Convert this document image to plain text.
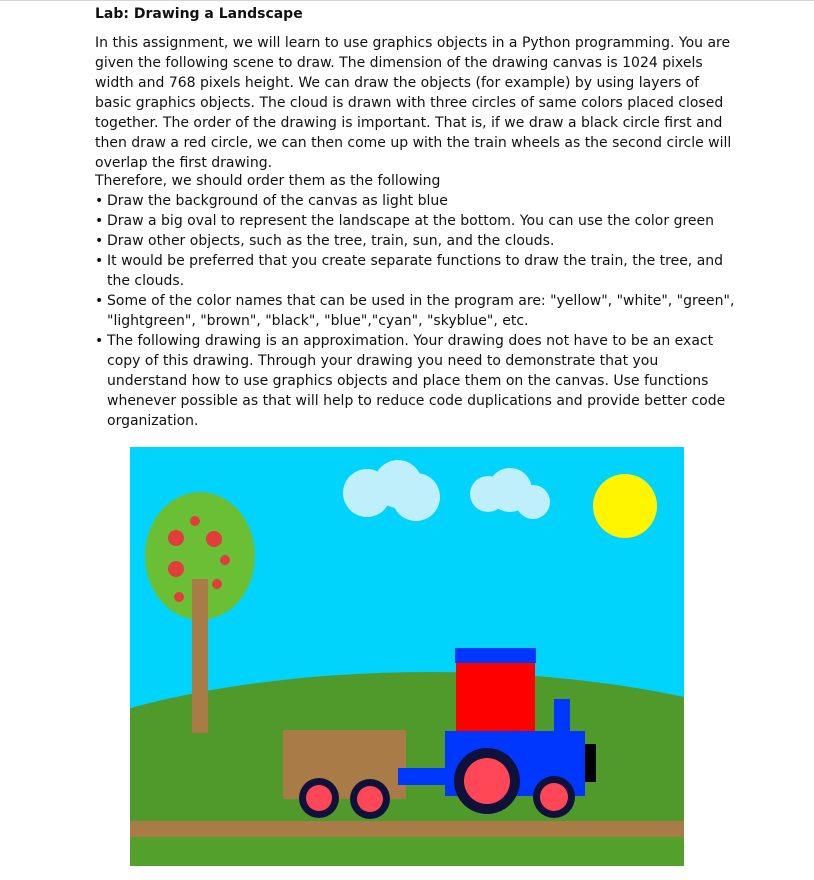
Lab: Drawing a Landscape
In this assignment, we will learn to use graphics objects in a Python programming. You are given the following scene to draw. The dimension of the drawing canvas is 1024 pixels width and 768 pixels height. We can draw the objects (for example) by using layers of basic graphics objects. The cloud is drawn with three circles of same colors placed closed together. The order of the drawing is important. That is, if we draw a black circle first and then draw a red circle, we can then come up with the train wheels as the second circle will overlap the first drawing.
Therefore, we should order them as the following
• Draw the background of the canvas as light blue
• Draw a big oval to represent the landscape at the bottom. You can use the color green
• Draw other objects, such as the tree, train, sun, and the clouds.
• It would be preferred that you create separate functions to draw the train, the tree, and the clouds.
• Some of the color names that can be used in the program are: "yellow", "white", "green", "lightgreen", "brown", "black", "blue","cyan", "skyblue", etc.
• The following drawing is an approximation. Your drawing does not have to be an exact copy of this drawing. Through your drawing you need to demonstrate that you understand how to use graphics objects and place them on the canvas. Use functions whenever possible as that will help to reduce code duplications and provide better code organization.
